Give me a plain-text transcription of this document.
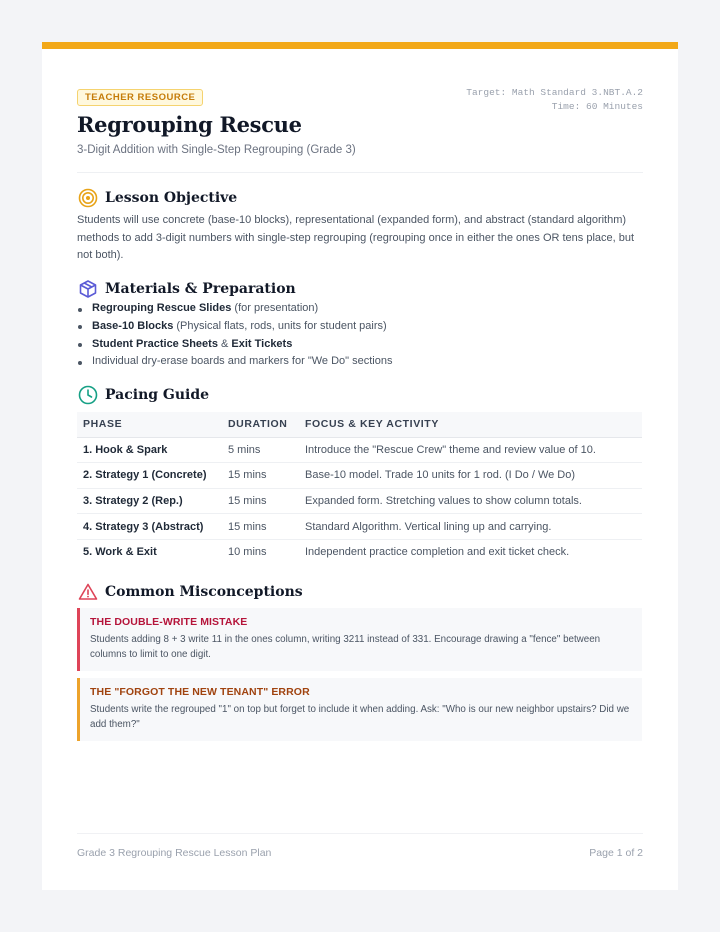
TEACHER RESOURCE	Target: Math Standard 3.NBT.A.2
Time: 60 Minutes
Regrouping Rescue
3-Digit Addition with Single-Step Regrouping (Grade 3)
Lesson Objective

Students will use concrete (base-10 blocks), representational (expanded form), and abstract (standard algorithm) methods to add 3-digit numbers with single-step regrouping (regrouping once in either the ones OR tens place, but not both).

Materials & Preparation
Regrouping Rescue Slides (for presentation)
Base-10 Blocks (Physical flats, rods, units for student pairs)
Student Practice Sheets & Exit Tickets
Individual dry-erase boards and markers for "We Do" sections
Pacing Guide
PHASE	DURATION	FOCUS & KEY ACTIVITY
1. Hook & Spark	5 mins	Introduce the "Rescue Crew" theme and review value of 10.
2. Strategy 1 (Concrete)	15 mins	Base-10 model. Trade 10 units for 1 rod. (I Do / We Do)
3. Strategy 2 (Rep.)	15 mins	Expanded form. Stretching values to show column totals.
4. Strategy 3 (Abstract)	15 mins	Standard Algorithm. Vertical lining up and carrying.
5. Work & Exit	10 mins	Independent practice completion and exit ticket check.
Common Misconceptions
THE DOUBLE-WRITE MISTAKE

Students adding 8 + 3 write 11 in the ones column, writing 3211 instead of 331. Encourage drawing a "fence" between columns to limit to one digit.

THE "FORGOT THE NEW TENANT" ERROR

Students write the regrouped "1" on top but forget to include it when adding. Ask: "Who is our new neighbor upstairs? Did we add them?"

Grade 3 Regrouping Rescue Lesson Plan	Page 1 of 2
